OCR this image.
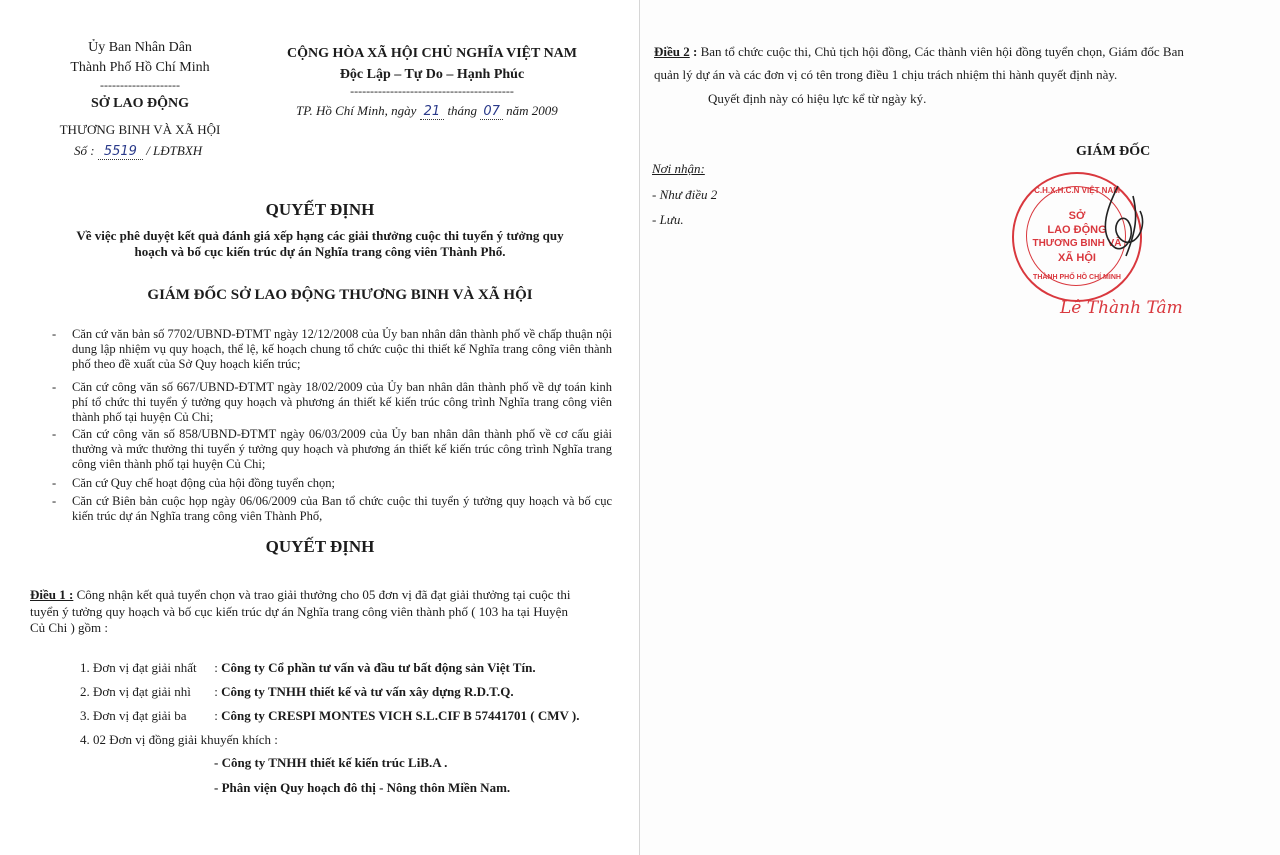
Ủy Ban Nhân Dân
Thành Phố Hồ Chí Minh
--------------------
SỞ LAO ĐỘNG
THƯƠNG BINH VÀ XÃ HỘI
Số : 5519 / LĐTBXH
CỘNG HÒA XÃ HỘI CHỦ NGHĨA VIỆT NAM
Độc Lập – Tự Do – Hạnh Phúc
-----------------------------------------
TP. Hồ Chí Minh, ngày 21 tháng 07 năm 2009
QUYẾT ĐỊNH
Về việc phê duyệt kết quả đánh giá xếp hạng các giải thưởng cuộc thi tuyển ý tưởng quy
hoạch và bố cục kiến trúc dự án Nghĩa trang công viên Thành Phố.
GIÁM ĐỐC SỞ LAO ĐỘNG THƯƠNG BINH VÀ XÃ HỘI
- Căn cứ văn bản số 7702/UBND-ĐTMT ngày 12/12/2008 của Ủy ban nhân dân thành phố về chấp thuận nội dung lập nhiệm vụ quy hoạch, thể lệ, kế hoạch chung tổ chức cuộc thi thiết kế Nghĩa trang công viên thành phố theo đề xuất của Sở Quy hoạch kiến trúc;
- Căn cứ công văn số 667/UBND-ĐTMT ngày 18/02/2009 của Ủy ban nhân dân thành phố về dự toán kinh phí tổ chức thi tuyển ý tưởng quy hoạch và phương án thiết kế kiến trúc công trình Nghĩa trang công viên thành phố tại huyện Củ Chi;
- Căn cứ công văn số 858/UBND-ĐTMT ngày 06/03/2009 của Ủy ban nhân dân thành phố về cơ cấu giải thưởng và mức thưởng thi tuyển ý tưởng quy hoạch và phương án thiết kế kiến trúc công trình Nghĩa trang công viên thành phố tại huyện Củ Chi;
- Căn cứ Quy chế hoạt động của hội đồng tuyển chọn;
- Căn cứ Biên bản cuộc họp ngày 06/06/2009 của Ban tổ chức cuộc thi tuyển ý tưởng quy hoạch và bố cục kiến trúc dự án Nghĩa trang công viên Thành Phố,
QUYẾT ĐỊNH
Điều 1 : Công nhận kết quả tuyển chọn và trao giải thưởng cho 05 đơn vị đã đạt giải thưởng tại cuộc thi
tuyển ý tưởng quy hoạch và bố cục kiến trúc dự án Nghĩa trang công viên thành phố ( 103 ha tại Huyện
Củ Chi ) gồm :
1. Đơn vị đạt giải nhất : Công ty Cổ phần tư vấn và đầu tư bất động sản Việt Tín.
2. Đơn vị đạt giải nhì : Công ty TNHH thiết kế và tư vấn xây dựng R.D.T.Q.
3. Đơn vị đạt giải ba : Công ty CRESPI MONTES VICH S.L.CIF B 57441701 ( CMV ).
4. 02 Đơn vị đồng giải khuyến khích :
- Công ty TNHH thiết kế kiến trúc LiB.A .
- Phân viện Quy hoạch đô thị - Nông thôn Miền Nam.
Điều 2 : Ban tổ chức cuộc thi, Chủ tịch hội đồng, Các thành viên hội đồng tuyển chọn, Giám đốc Ban
quản lý dự án và các đơn vị có tên trong điều 1 chịu trách nhiệm thi hành quyết định này.
Quyết định này có hiệu lực kể từ ngày ký.
GIÁM ĐỐC
Nơi nhận:
- Như điều 2
- Lưu.
C.H.X.H.C.N VIỆT NAM
SỞ
LAO ĐỘNG
THƯƠNG BINH VÀ
XÃ HỘI
THÀNH PHỐ HỒ CHÍ MINH
Lê Thành Tâm
